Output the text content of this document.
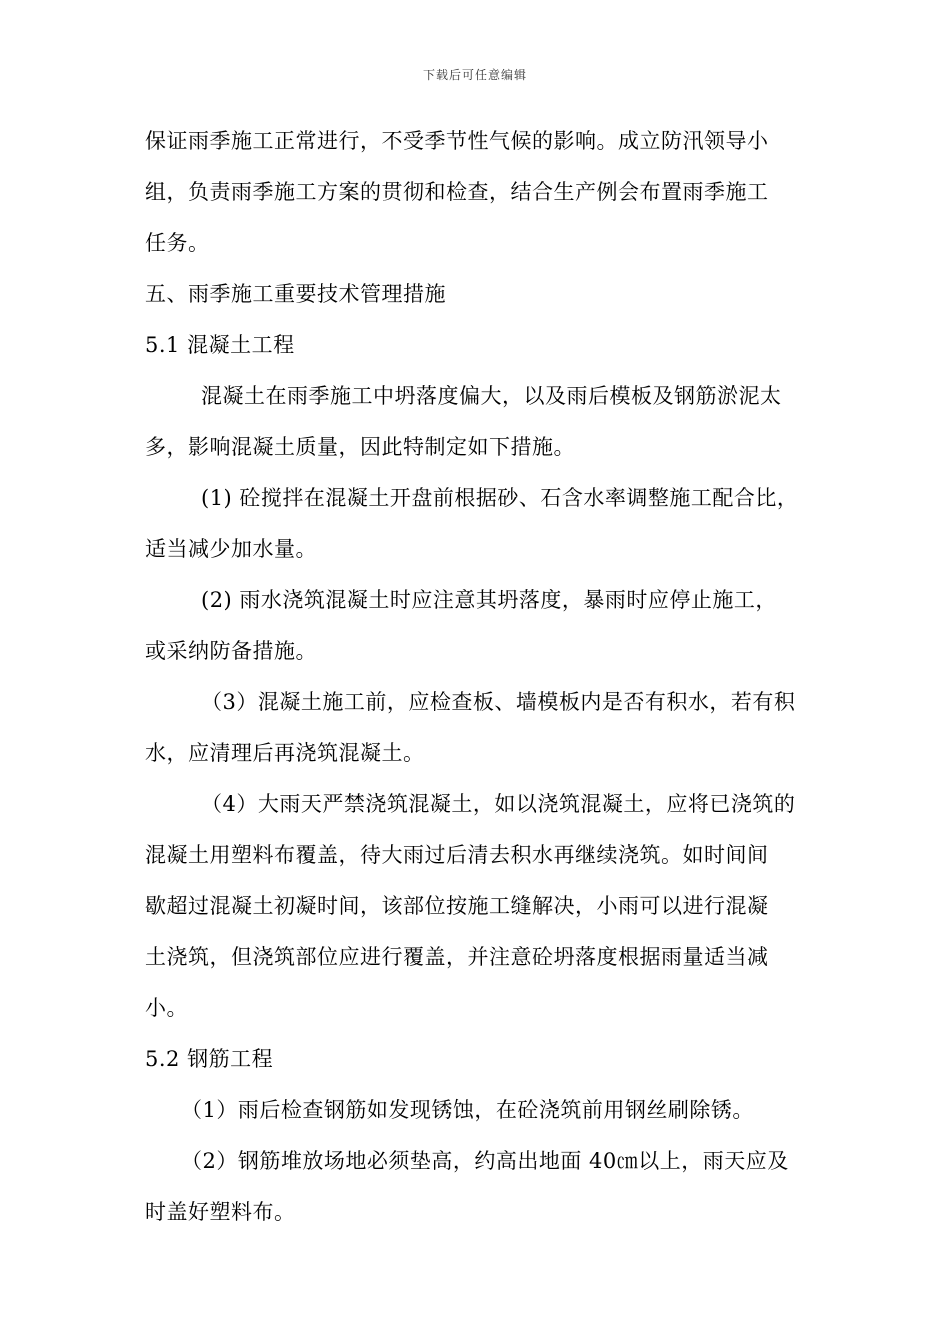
下载后可任意编辑
保证雨季施工正常进行，不受季节性气候的影响。成立防汛领导小
组，负责雨季施工方案的贯彻和检查，结合生产例会布置雨季施工
任务。
五、雨季施工重要技术管理措施
5.1 混凝土工程
混凝土在雨季施工中坍落度偏大，以及雨后模板及钢筋淤泥太
多，影响混凝土质量，因此特制定如下措施。
(1) 砼搅拌在混凝土开盘前根据砂、石含水率调整施工配合比，
适当减少加水量。
(2) 雨水浇筑混凝土时应注意其坍落度，暴雨时应停止施工，
或采纳防备措施。
（3）混凝土施工前，应检查板、墙模板内是否有积水，若有积
水，应清理后再浇筑混凝土。
（4）大雨天严禁浇筑混凝土，如以浇筑混凝土，应将已浇筑的
混凝土用塑料布覆盖，待大雨过后清去积水再继续浇筑。如时间间
歇超过混凝土初凝时间，该部位按施工缝解决，小雨可以进行混凝
土浇筑，但浇筑部位应进行覆盖，并注意砼坍落度根据雨量适当减
小。
5.2 钢筋工程
（1）雨后检查钢筋如发现锈蚀，在砼浇筑前用钢丝刷除锈。
（2）钢筋堆放场地必须垫高，约高出地面 40㎝以上，雨天应及
时盖好塑料布。
